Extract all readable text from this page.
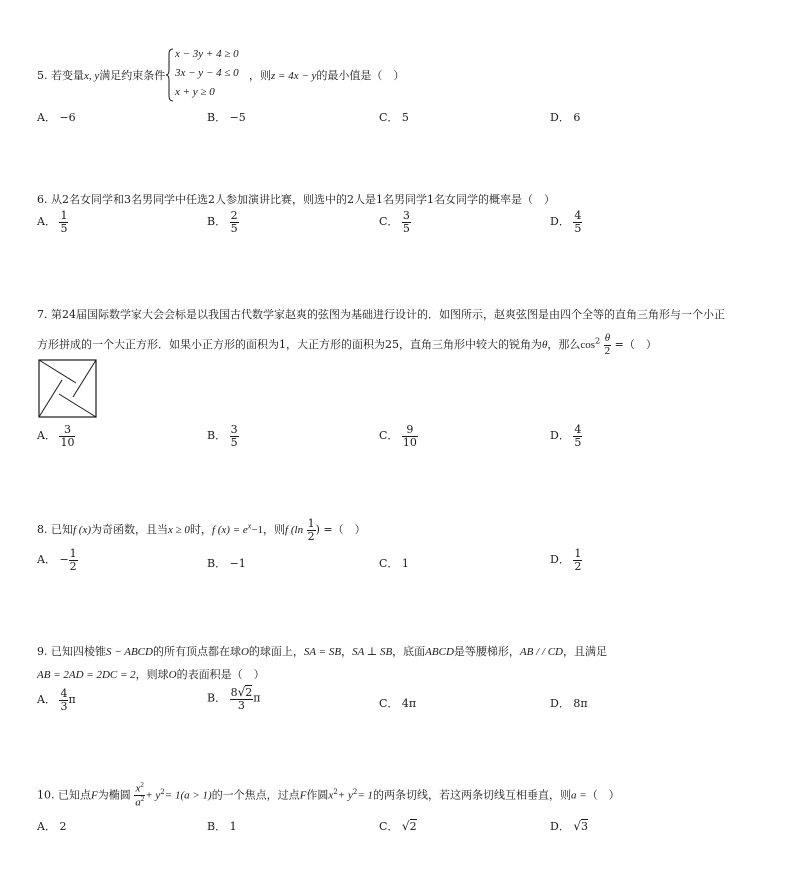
5. 若变量x, y满足约束条件
x − 3y + 4 ≥ 0
3x − y − 4 ≤ 0
x + y ≥ 0
，则z = 4x − y的最小值是（　）
A． −6	B． −5	C． 5	D． 6
6. 从2名女同学和3名男同学中任选2人参加演讲比赛，则选中的2人是1名男同学1名女同学的概率是（　）
A． $\frac{1}{5}$	B． $\frac{2}{5}$	C． $\frac{3}{5}$	D． $\frac{4}{5}$
7. 第24届国际数学家大会会标是以我国古代数学家赵爽的弦图为基础进行设计的．如图所示，赵爽弦图是由四个全等的直角三角形与一个小正
方形拼成的一个大正方形．如果小正方形的面积为1，大正方形的面积为25，直角三角形中较大的锐角为θ，那么$\cos^2 \frac{\theta}{2}$ =（　）
A． $\frac{3}{10}$	B． $\frac{3}{5}$	C． $\frac{9}{10}$	D． $\frac{4}{5}$
8. 已知f (x)为奇函数，且当x ≥ 0时，f $(x) = e^x-1$，则f ($\ln \frac{1}{2}$ ) =（　）
A． − $\frac{1}{2}$	B． −1	C． 1	D． $\frac{1}{2}$
9. 已知四棱锥S − ABCD的所有顶点都在球O的球面上，SA = SB，SA ⊥ SB，底面ABCD是等腰梯形，AB / / CD，且满足
AB = 2AD = 2DC = 2，则球O的表面积是（　）
A． $\frac{4}{3}$ π	B． $\frac{8√2}{3}$ π	C． 4π	D． 8π
10. 已知点F为椭圆 $\frac{x^2}{a^2} + y^2= 1(a > 1)$的一个焦点，过点F作圆$x^2+ y^2= 1$的两条切线，若这两条切线互相垂直，则a =（　）
A． 2	B． 1	C． √2	D． √3
